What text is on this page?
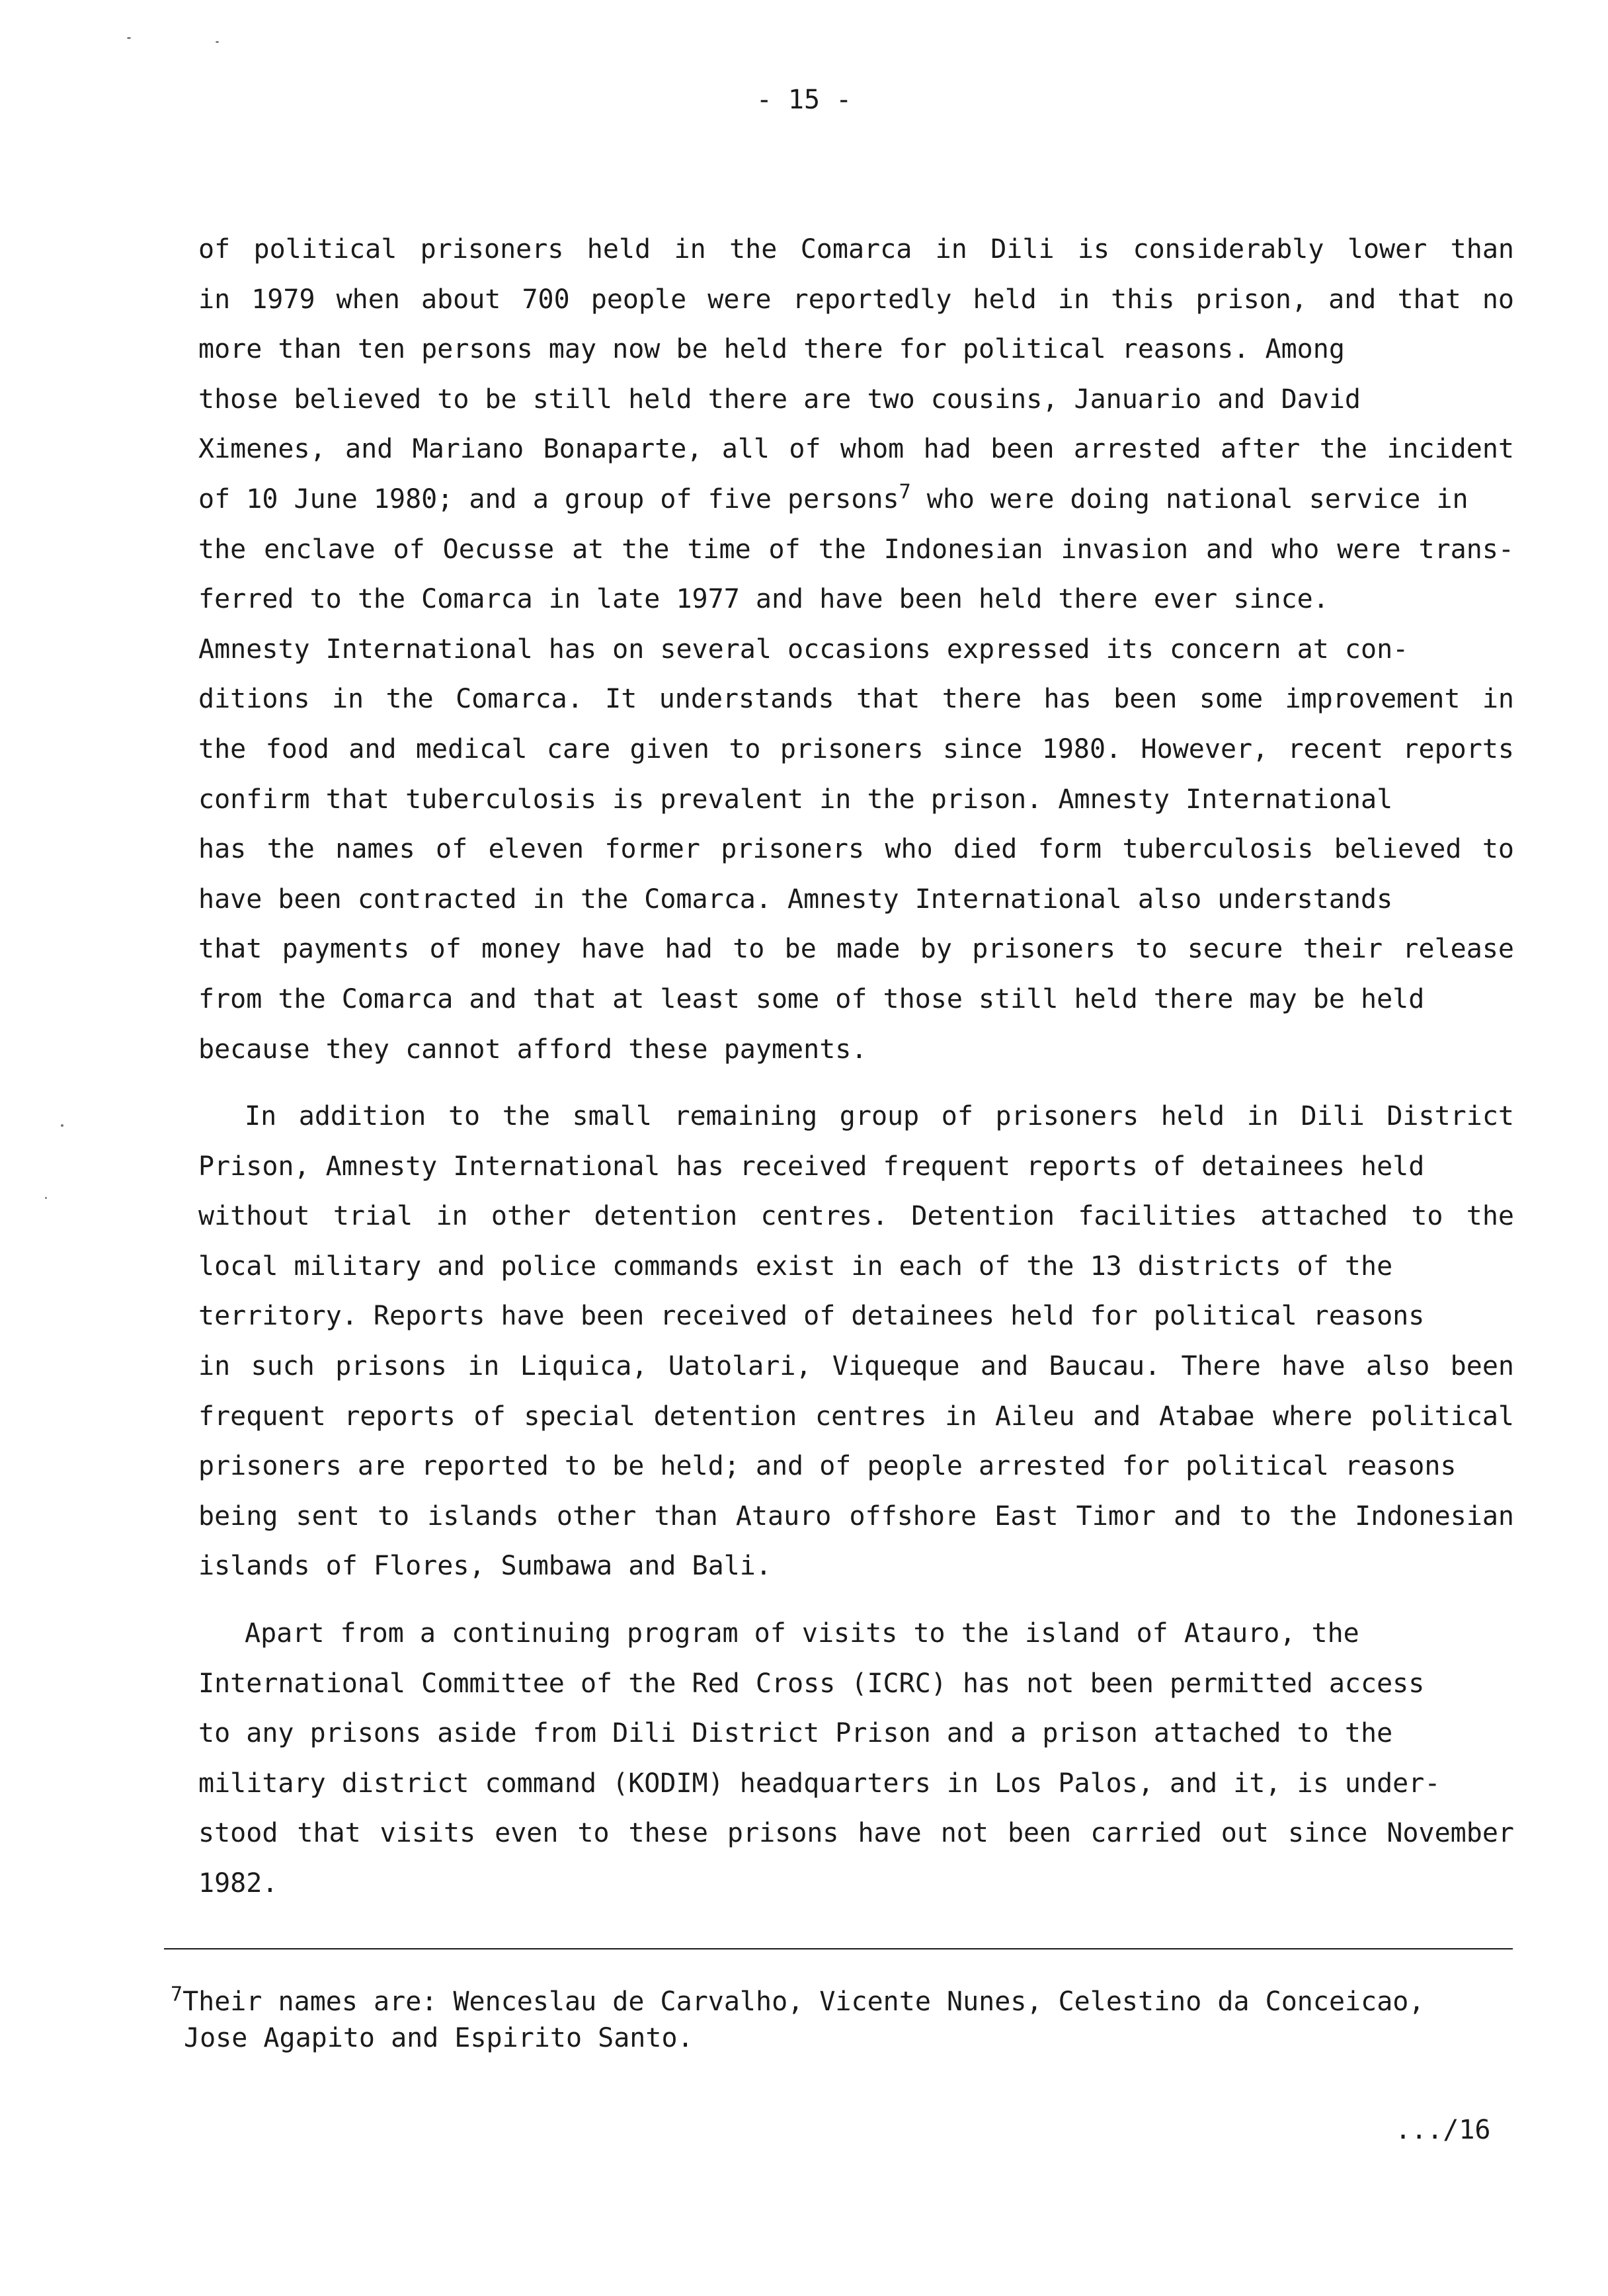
- 15 -
of political prisoners held in the Comarca in Dili is considerably lower than
in 1979 when about 700 people were reportedly held in this prison, and that no
more than ten persons may now be held there for political reasons. Among
those believed to be still held there are two cousins, Januario and David
Ximenes, and Mariano Bonaparte, all of whom had been arrested after the incident
of 10 June 1980; and a group of five persons$^7$ who were doing national service in
the enclave of Oecusse at the time of the Indonesian invasion and who were trans-
ferred to the Comarca in late 1977 and have been held there ever since.
Amnesty International has on several occasions expressed its concern at con-
ditions in the Comarca. It understands that there has been some improvement in
the food and medical care given to prisoners since 1980. However, recent reports
confirm that tuberculosis is prevalent in the prison. Amnesty International
has the names of eleven former prisoners who died form tuberculosis believed to
have been contracted in the Comarca. Amnesty International also understands
that payments of money have had to be made by prisoners to secure their release
from the Comarca and that at least some of those still held there may be held
because they cannot afford these payments.
In addition to the small remaining group of prisoners held in Dili District
Prison, Amnesty International has received frequent reports of detainees held
without trial in other detention centres. Detention facilities attached to the
local military and police commands exist in each of the 13 districts of the
territory. Reports have been received of detainees held for political reasons
in such prisons in Liquica, Uatolari, Viqueque and Baucau. There have also been
frequent reports of special detention centres in Aileu and Atabae where political
prisoners are reported to be held; and of people arrested for political reasons
being sent to islands other than Atauro offshore East Timor and to the Indonesian
islands of Flores, Sumbawa and Bali.
Apart from a continuing program of visits to the island of Atauro, the
International Committee of the Red Cross (ICRC) has not been permitted access
to any prisons aside from Dili District Prison and a prison attached to the
military district command (KODIM) headquarters in Los Palos, and it, is under-
stood that visits even to these prisons have not been carried out since November
1982.
$^7$Their names are: Wenceslau de Carvalho, Vicente Nunes, Celestino da Conceicao,
Jose Agapito and Espirito Santo.
.../16
